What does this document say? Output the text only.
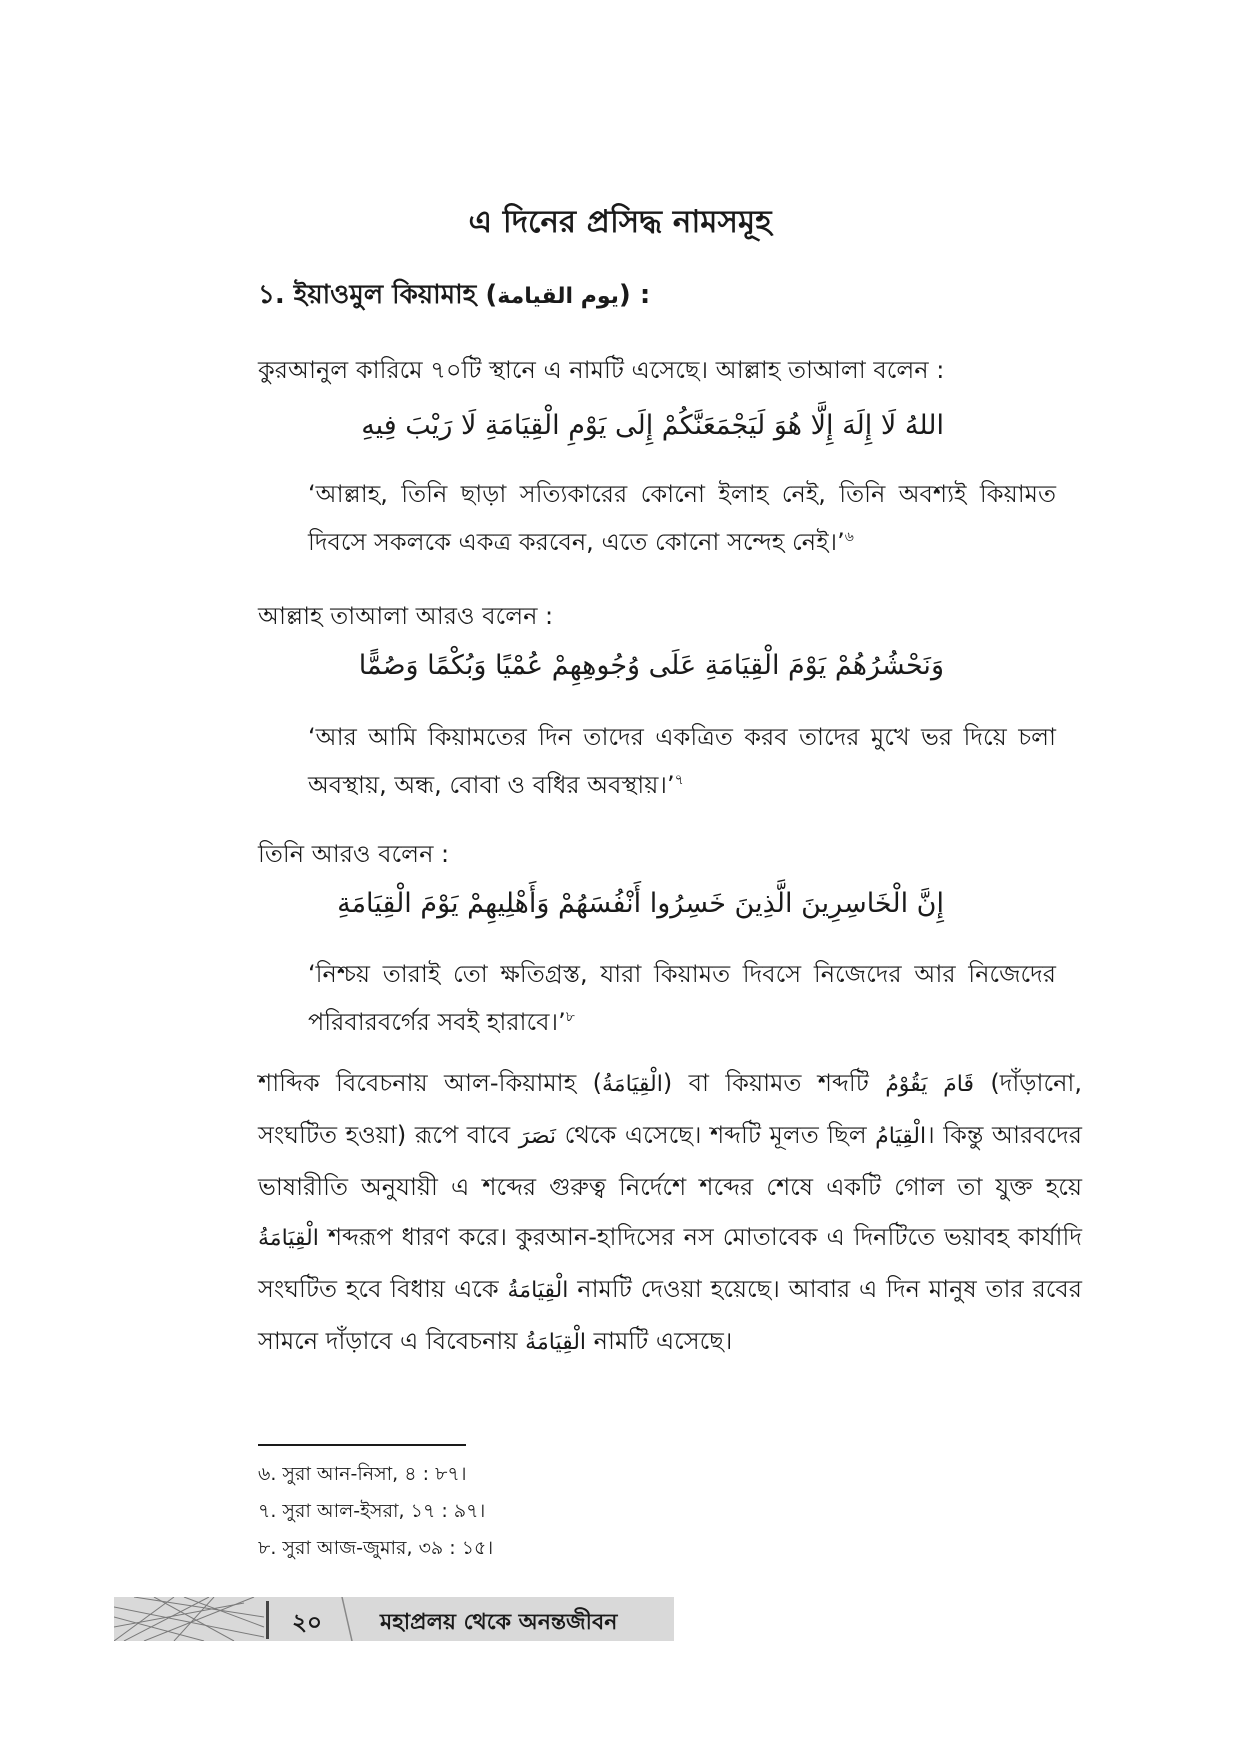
এ দিনের প্রসিদ্ধ নামসমূহ
১. ইয়াওমুল কিয়ামাহ (يوم القيامة) :
কুরআনুল কারিমে ৭০টি স্থানে এ নামটি এসেছে। আল্লাহ তাআলা বলেন :
اللهُ لَا إِلَهَ إِلَّا هُوَ لَيَجْمَعَنَّكُمْ إِلَى يَوْمِ الْقِيَامَةِ لَا رَيْبَ فِيهِ
‘আল্লাহ, তিনি ছাড়া সত্যিকারের কোনো ইলাহ নেই, তিনি অবশ্যই কিয়ামত দিবসে সকলকে একত্র করবেন, এতে কোনো সন্দেহ নেই।’$^৬$
আল্লাহ তাআলা আরও বলেন :
وَنَحْشُرُهُمْ يَوْمَ الْقِيَامَةِ عَلَى وُجُوهِهِمْ عُمْيًا وَبُكْمًا وَصُمًّا
‘আর আমি কিয়ামতের দিন তাদের একত্রিত করব তাদের মুখে ভর দিয়ে চলা অবস্থায়, অন্ধ, বোবা ও বধির অবস্থায়।’$^৭$
তিনি আরও বলেন :
إِنَّ الْخَاسِرِينَ الَّذِينَ خَسِرُوا أَنْفُسَهُمْ وَأَهْلِيهِمْ يَوْمَ الْقِيَامَةِ
‘নিশ্চয় তারাই তো ক্ষতিগ্রস্ত, যারা কিয়ামত দিবসে নিজেদের আর নিজেদের পরিবারবর্গের সবই হারাবে।’$^৮$
শাব্দিক বিবেচনায় আল-কিয়ামাহ (الْقِيَامَةُ) বা কিয়ামত শব্দটি قَامَ يَقُوْمُ (দাঁড়ানো, সংঘটিত হওয়া) রূপে বাবে نَصَرَ থেকে এসেছে। শব্দটি মূলত ছিল الْقِيَامُ। কিন্তু আরবদের ভাষারীতি অনুযায়ী এ শব্দের গুরুত্ব নির্দেশে শব্দের শেষে একটি গোল তা যুক্ত হয়ে الْقِيَامَةُ শব্দরূপ ধারণ করে। কুরআন-হাদিসের নস মোতাবেক এ দিনটিতে ভয়াবহ কার্যাদি সংঘটিত হবে বিধায় একে الْقِيَامَةُ নামটি দেওয়া হয়েছে। আবার এ দিন মানুষ তার রবের সামনে দাঁড়াবে এ বিবেচনায় الْقِيَامَةُ নামটি এসেছে।
৬. সুরা আন-নিসা, ৪ : ৮৭।
৭. সুরা আল-ইসরা, ১৭ : ৯৭।
৮. সুরা আজ-জুমার, ৩৯ : ১৫।
২০	মহাপ্রলয় থেকে অনন্তজীবন
